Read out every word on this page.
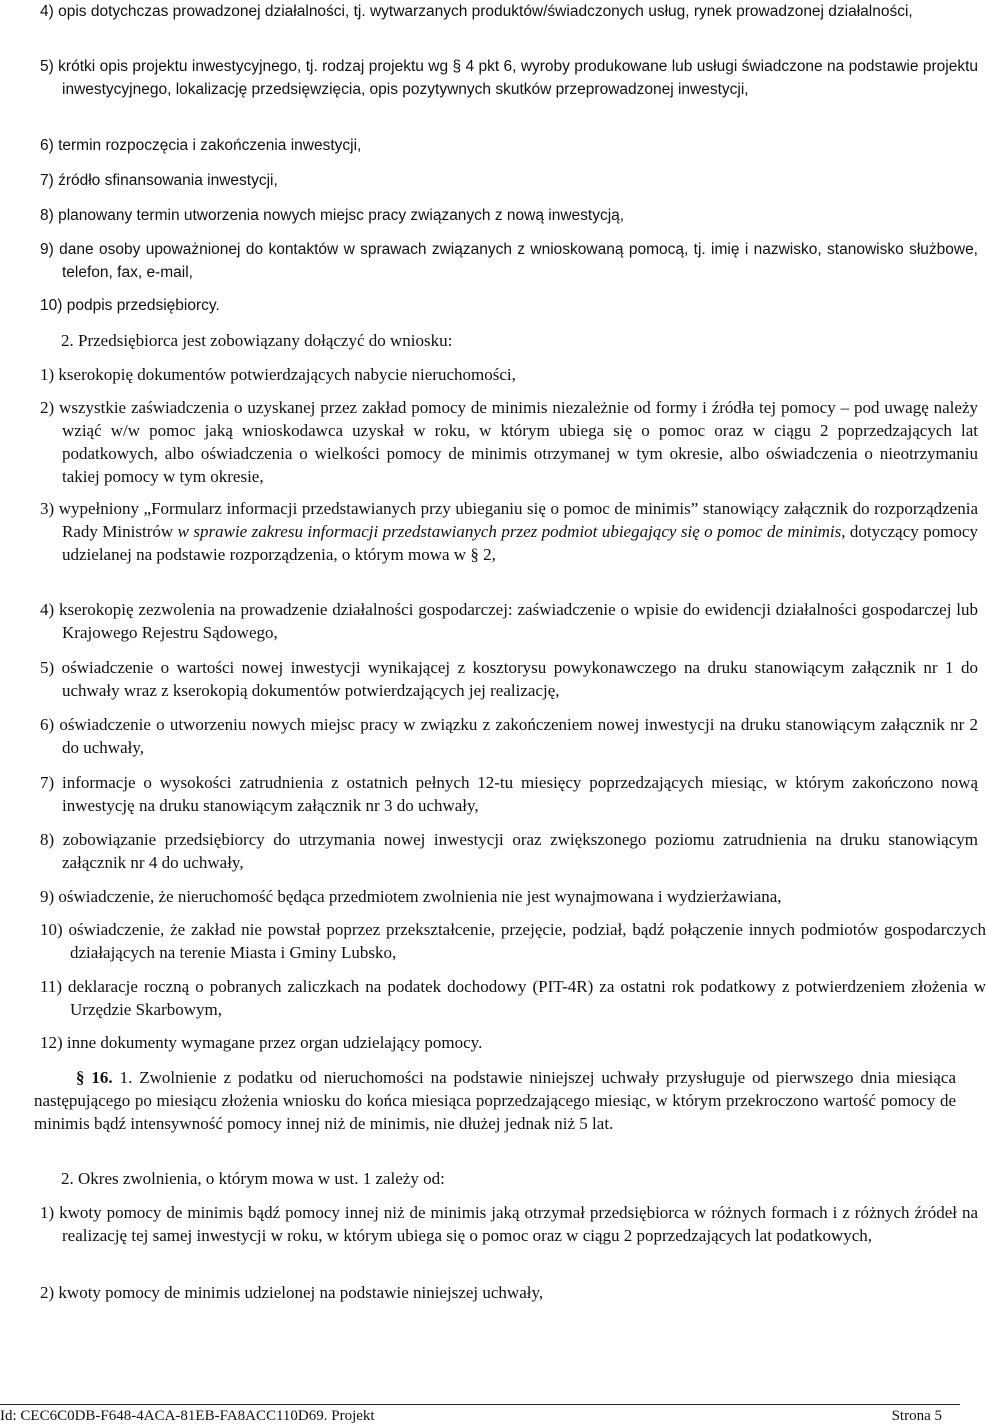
4) opis dotychczas prowadzonej działalności, tj. wytwarzanych produktów/świadczonych usług, rynek prowadzonej działalności,
5) krótki opis projektu inwestycyjnego, tj. rodzaj projektu wg § 4 pkt 6, wyroby produkowane lub usługi świadczone na podstawie projektu inwestycyjnego, lokalizację przedsięwzięcia, opis pozytywnych skutków przeprowadzonej inwestycji,
6) termin rozpoczęcia i zakończenia inwestycji,
7) źródło sfinansowania inwestycji,
8) planowany termin utworzenia nowych miejsc pracy związanych z nową inwestycją,
9) dane osoby upoważnionej do kontaktów w sprawach związanych z wnioskowaną pomocą, tj. imię i nazwisko, stanowisko służbowe, telefon, fax, e-mail,
10) podpis przedsiębiorcy.
2. Przedsiębiorca jest zobowiązany dołączyć do wniosku:
1) kserokopię dokumentów potwierdzających nabycie nieruchomości,
2) wszystkie zaświadczenia o uzyskanej przez zakład pomocy de minimis niezależnie od formy i źródła tej pomocy – pod uwagę należy wziąć w/w pomoc jaką wnioskodawca uzyskał w roku, w którym ubiega się o pomoc oraz w ciągu 2 poprzedzających lat podatkowych, albo oświadczenia o wielkości pomocy de minimis otrzymanej w tym okresie, albo oświadczenia o nieotrzymaniu takiej pomocy w tym okresie,
3) wypełniony „Formularz informacji przedstawianych przy ubieganiu się o pomoc de minimis” stanowiący załącznik do rozporządzenia Rady Ministrów w sprawie zakresu informacji przedstawianych przez podmiot ubiegający się o pomoc de minimis, dotyczący pomocy udzielanej na podstawie rozporządzenia, o którym mowa w § 2,
4) kserokopię zezwolenia na prowadzenie działalności gospodarczej: zaświadczenie o wpisie do ewidencji działalności gospodarczej lub Krajowego Rejestru Sądowego,
5) oświadczenie o wartości nowej inwestycji wynikającej z kosztorysu powykonawczego na druku stanowiącym załącznik nr 1 do uchwały wraz z kserokopią dokumentów potwierdzających jej realizację,
6) oświadczenie o utworzeniu nowych miejsc pracy w związku z zakończeniem nowej inwestycji na druku stanowiącym załącznik nr 2 do uchwały,
7) informacje o wysokości zatrudnienia z ostatnich pełnych 12-tu miesięcy poprzedzających miesiąc, w którym zakończono nową inwestycję na druku stanowiącym załącznik nr 3 do uchwały,
8) zobowiązanie przedsiębiorcy do utrzymania nowej inwestycji oraz zwiększonego poziomu zatrudnienia na druku stanowiącym załącznik nr 4 do uchwały,
9) oświadczenie, że nieruchomość będąca przedmiotem zwolnienia nie jest wynajmowana i wydzierżawiana,
10) oświadczenie, że zakład nie powstał poprzez przekształcenie, przejęcie, podział, bądź połączenie innych podmiotów gospodarczych działających na terenie Miasta i Gminy Lubsko,
11) deklaracje roczną o pobranych zaliczkach na podatek dochodowy (PIT-4R) za ostatni rok podatkowy z potwierdzeniem złożenia w Urzędzie Skarbowym,
12) inne dokumenty wymagane przez organ udzielający pomocy.
§ 16. 1. Zwolnienie z podatku od nieruchomości na podstawie niniejszej uchwały przysługuje od pierwszego dnia miesiąca następującego po miesiącu złożenia wniosku do końca miesiąca poprzedzającego miesiąc, w którym przekroczono wartość pomocy de minimis bądź intensywność pomocy innej niż de minimis, nie dłużej jednak niż 5 lat.
2. Okres zwolnienia, o którym mowa w ust. 1 zależy od:
1) kwoty pomocy de minimis bądź pomocy innej niż de minimis jaką otrzymał przedsiębiorca w różnych formach i z różnych źródeł na realizację tej samej inwestycji w roku, w którym ubiega się o pomoc oraz w ciągu 2 poprzedzających lat podatkowych,
2) kwoty pomocy de minimis udzielonej na podstawie niniejszej uchwały,
Id: CEC6C0DB-F648-4ACA-81EB-FA8ACC110D69. Projekt	Strona 5
